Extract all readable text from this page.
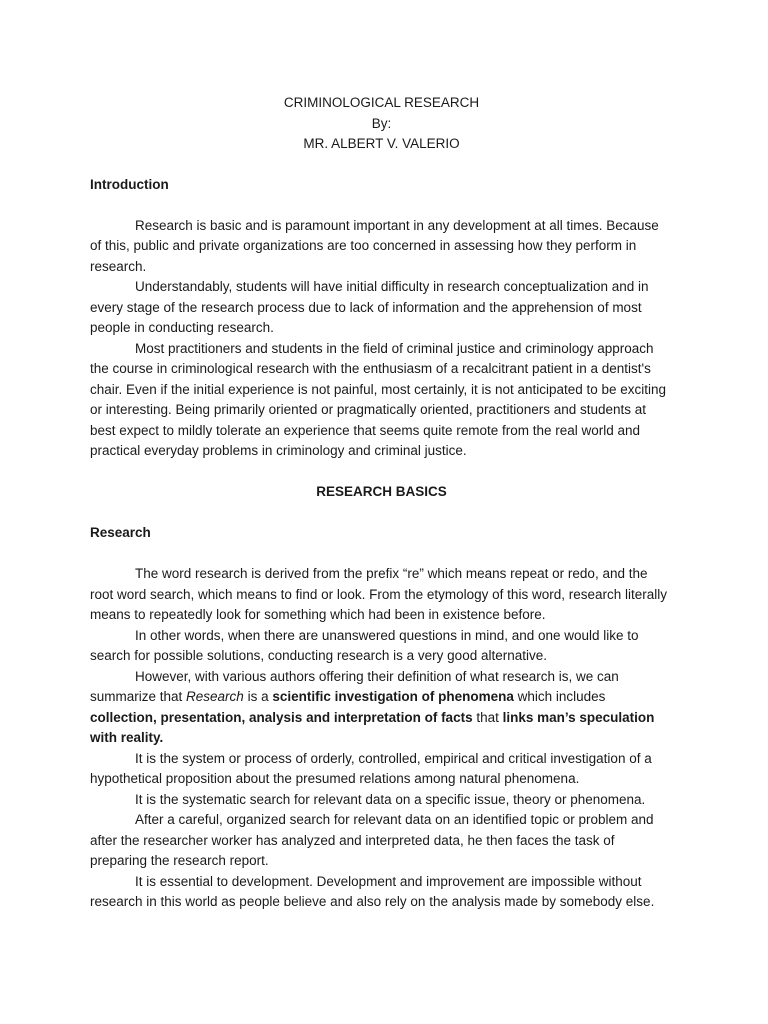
CRIMINOLOGICAL RESEARCH
By:
MR. ALBERT V. VALERIO
Introduction

Research is basic and is paramount important in any development at all times. Because of this, public and private organizations are too concerned in assessing how they perform in research.

Understandably, students will have initial difficulty in research conceptualization and in every stage of the research process due to lack of information and the apprehension of most people in conducting research.

Most practitioners and students in the field of criminal justice and criminology approach the course in criminological research with the enthusiasm of a recalcitrant patient in a dentist's chair. Even if the initial experience is not painful, most certainly, it is not anticipated to be exciting or interesting. Being primarily oriented or pragmatically oriented, practitioners and students at best expect to mildly tolerate an experience that seems quite remote from the real world and practical everyday problems in criminology and criminal justice.

RESEARCH BASICS
Research

The word research is derived from the prefix “re” which means repeat or redo, and the root word search, which means to find or look. From the etymology of this word, research literally means to repeatedly look for something which had been in existence before.

In other words, when there are unanswered questions in mind, and one would like to search for possible solutions, conducting research is a very good alternative.

However, with various authors offering their definition of what research is, we can summarize that Research is a scientific investigation of phenomena which includes collection, presentation, analysis and interpretation of facts that links man’s speculation with reality.

It is the system or process of orderly, controlled, empirical and critical investigation of a hypothetical proposition about the presumed relations among natural phenomena.

It is the systematic search for relevant data on a specific issue, theory or phenomena.

After a careful, organized search for relevant data on an identified topic or problem and after the researcher worker has analyzed and interpreted data, he then faces the task of preparing the research report.

It is essential to development. Development and improvement are impossible without research in this world as people believe and also rely on the analysis made by somebody else.
